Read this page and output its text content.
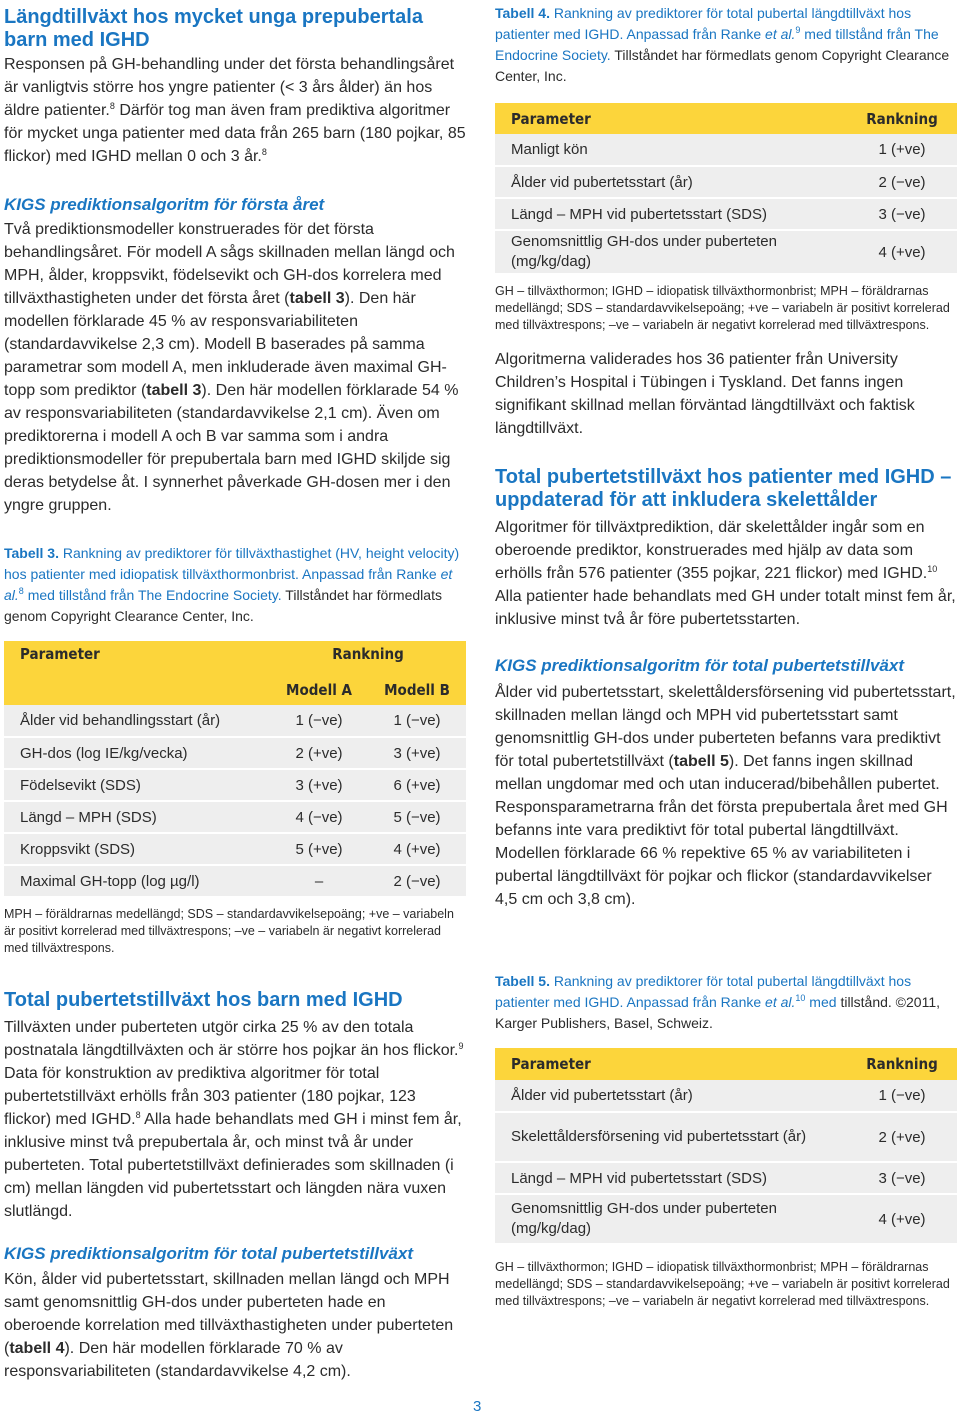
Längdtillväxt hos mycket unga prepubertala barn med IGHD

Responsen på GH-behandling under det första behandlingsåret är vanligtvis större hos yngre patienter (< 3 års ålder) än hos äldre patienter.$^8$ Därför tog man även fram prediktiva algoritmer för mycket unga patienter med data från 265 barn (180 pojkar, 85 flickor) med IGHD mellan 0 och 3 år.$^8$

KIGS prediktionsalgoritm för första året

Två prediktionsmodeller konstruerades för det första behandlingsåret. För modell A sågs skillnaden mellan längd och MPH, ålder, kroppsvikt, födelsevikt och GH-dos korrelera med tillväxthastigheten under det första året (tabell 3). Den här modellen förklarade 45 % av responsvariabiliteten (standardavvikelse 2,3 cm). Modell B baserades på samma parametrar som modell A, men inkluderade även maximal GH-topp som prediktor (tabell 3). Den här modellen förklarade 54 % av responsvariabiliteten (standardavvikelse 2,1 cm). Även om prediktorerna i modell A och B var samma som i andra prediktionsmodeller för prepubertala barn med IGHD skiljde sig deras betydelse åt. I synnerhet påverkade GH-dosen mer i den yngre gruppen.

Tabell 3. Rankning av prediktorer för tillväxthastighet (HV, height velocity) hos patienter med idiopatisk tillväxthormonbrist. Anpassad från Ranke et al.$^8$ med tillstånd från The Endocrine Society. Tillståndet har förmedlats genom Copyright Clearance Center, Inc.

Parameter	Rankning	
	Modell A	Modell B
Ålder vid behandlingsstart (år)	1 (−ve)	1 (−ve)
GH-dos (log IE/kg/vecka)	2 (+ve)	3 (+ve)
Födelsevikt (SDS)	3 (+ve)	6 (+ve)
Längd – MPH (SDS)	4 (−ve)	5 (−ve)
Kroppsvikt (SDS)	5 (+ve)	4 (+ve)
Maximal GH-topp (log µg/l)	–	2 (−ve)

MPH – föräldrarnas medellängd; SDS – standardavvikelsepoäng; +ve – variabeln är positivt korrelerad med tillväxtrespons; –ve – variabeln är negativt korrelerad med tillväxtrespons.

Total pubertetstillväxt hos barn med IGHD

Tillväxten under puberteten utgör cirka 25 % av den totala postnatala längdtillväxten och är större hos pojkar än hos flickor.$^9$ Data för konstruktion av prediktiva algoritmer för total pubertetstillväxt erhölls från 303 patienter (180 pojkar, 123 flickor) med IGHD.$^8$ Alla hade behandlats med GH i minst fem år, inklusive minst två prepubertala år, och minst två år under puberteten. Total pubertetstillväxt definierades som skillnaden (i cm) mellan längden vid pubertetsstart och längden nära vuxen slutlängd.

KIGS prediktionsalgoritm för total pubertetstillväxt

Kön, ålder vid pubertetsstart, skillnaden mellan längd och MPH samt genomsnittlig GH-dos under puberteten hade en oberoende korrelation med tillväxthastigheten under puberteten (tabell 4). Den här modellen förklarade 70 % av responsvariabiliteten (standardavvikelse 4,2 cm).

Tabell 4. Rankning av prediktorer för total pubertal längdtillväxt hos patienter med IGHD. Anpassad från Ranke et al.$^9$ med tillstånd från The Endocrine Society. Tillståndet har förmedlats genom Copyright Clearance Center, Inc.

Parameter	Rankning
Manligt kön	1 (+ve)
Ålder vid pubertetsstart (år)	2 (−ve)
Längd – MPH vid pubertetsstart (SDS)	3 (−ve)
Genomsnittlig GH-dos under puberteten (mg/kg/dag)	4 (+ve)

GH – tillväxthormon; IGHD – idiopatisk tillväxthormonbrist; MPH – föräldrarnas medellängd; SDS – standardavvikelsepoäng; +ve – variabeln är positivt korrelerad med tillväxtrespons; –ve – variabeln är negativt korrelerad med tillväxtrespons.

Algoritmerna validerades hos 36 patienter från University Children’s Hospital i Tübingen i Tyskland. Det fanns ingen signifikant skillnad mellan förväntad längdtillväxt och faktisk längdtillväxt.

Total pubertetstillväxt hos patienter med IGHD – uppdaterad för att inkludera skelettålder

Algoritmer för tillväxtprediktion, där skelettålder ingår som en oberoende prediktor, konstruerades med hjälp av data som erhölls från 576 patienter (355 pojkar, 221 flickor) med IGHD.$^{10}$ Alla patienter hade behandlats med GH under totalt minst fem år, inklusive minst två år före pubertetsstarten.

KIGS prediktionsalgoritm för total pubertetstillväxt

Ålder vid pubertetsstart, skelettåldersförsening vid pubertetsstart, skillnaden mellan längd och MPH vid pubertetsstart samt genomsnittlig GH-dos under puberteten befanns vara prediktivt för total pubertetstillväxt (tabell 5). Det fanns ingen skillnad mellan ungdomar med och utan inducerad/bibehållen pubertet. Responsparametrarna från det första prepubertala året med GH befanns inte vara prediktivt för total pubertal längdtillväxt. Modellen förklarade 66 % repektive 65 % av variabiliteten i pubertal längdtillväxt för pojkar och flickor (standardavvikelser 4,5 cm och 3,8 cm).

Tabell 5. Rankning av prediktorer för total pubertal längdtillväxt hos patienter med IGHD. Anpassad från Ranke et al.$^{10}$ med tillstånd. ©2011, Karger Publishers, Basel, Schweiz.

Parameter	Rankning
Ålder vid pubertetsstart (år)	1 (−ve)
Skelettåldersförsening vid pubertetsstart (år)	2 (+ve)
Längd – MPH vid pubertetsstart (SDS)	3 (−ve)
Genomsnittlig GH-dos under puberteten (mg/kg/dag)	4 (+ve)

GH – tillväxthormon; IGHD – idiopatisk tillväxthormonbrist; MPH – föräldrarnas medellängd; SDS – standardavvikelsepoäng; +ve – variabeln är positivt korrelerad med tillväxtrespons; –ve – variabeln är negativt korrelerad med tillväxtrespons.

3
